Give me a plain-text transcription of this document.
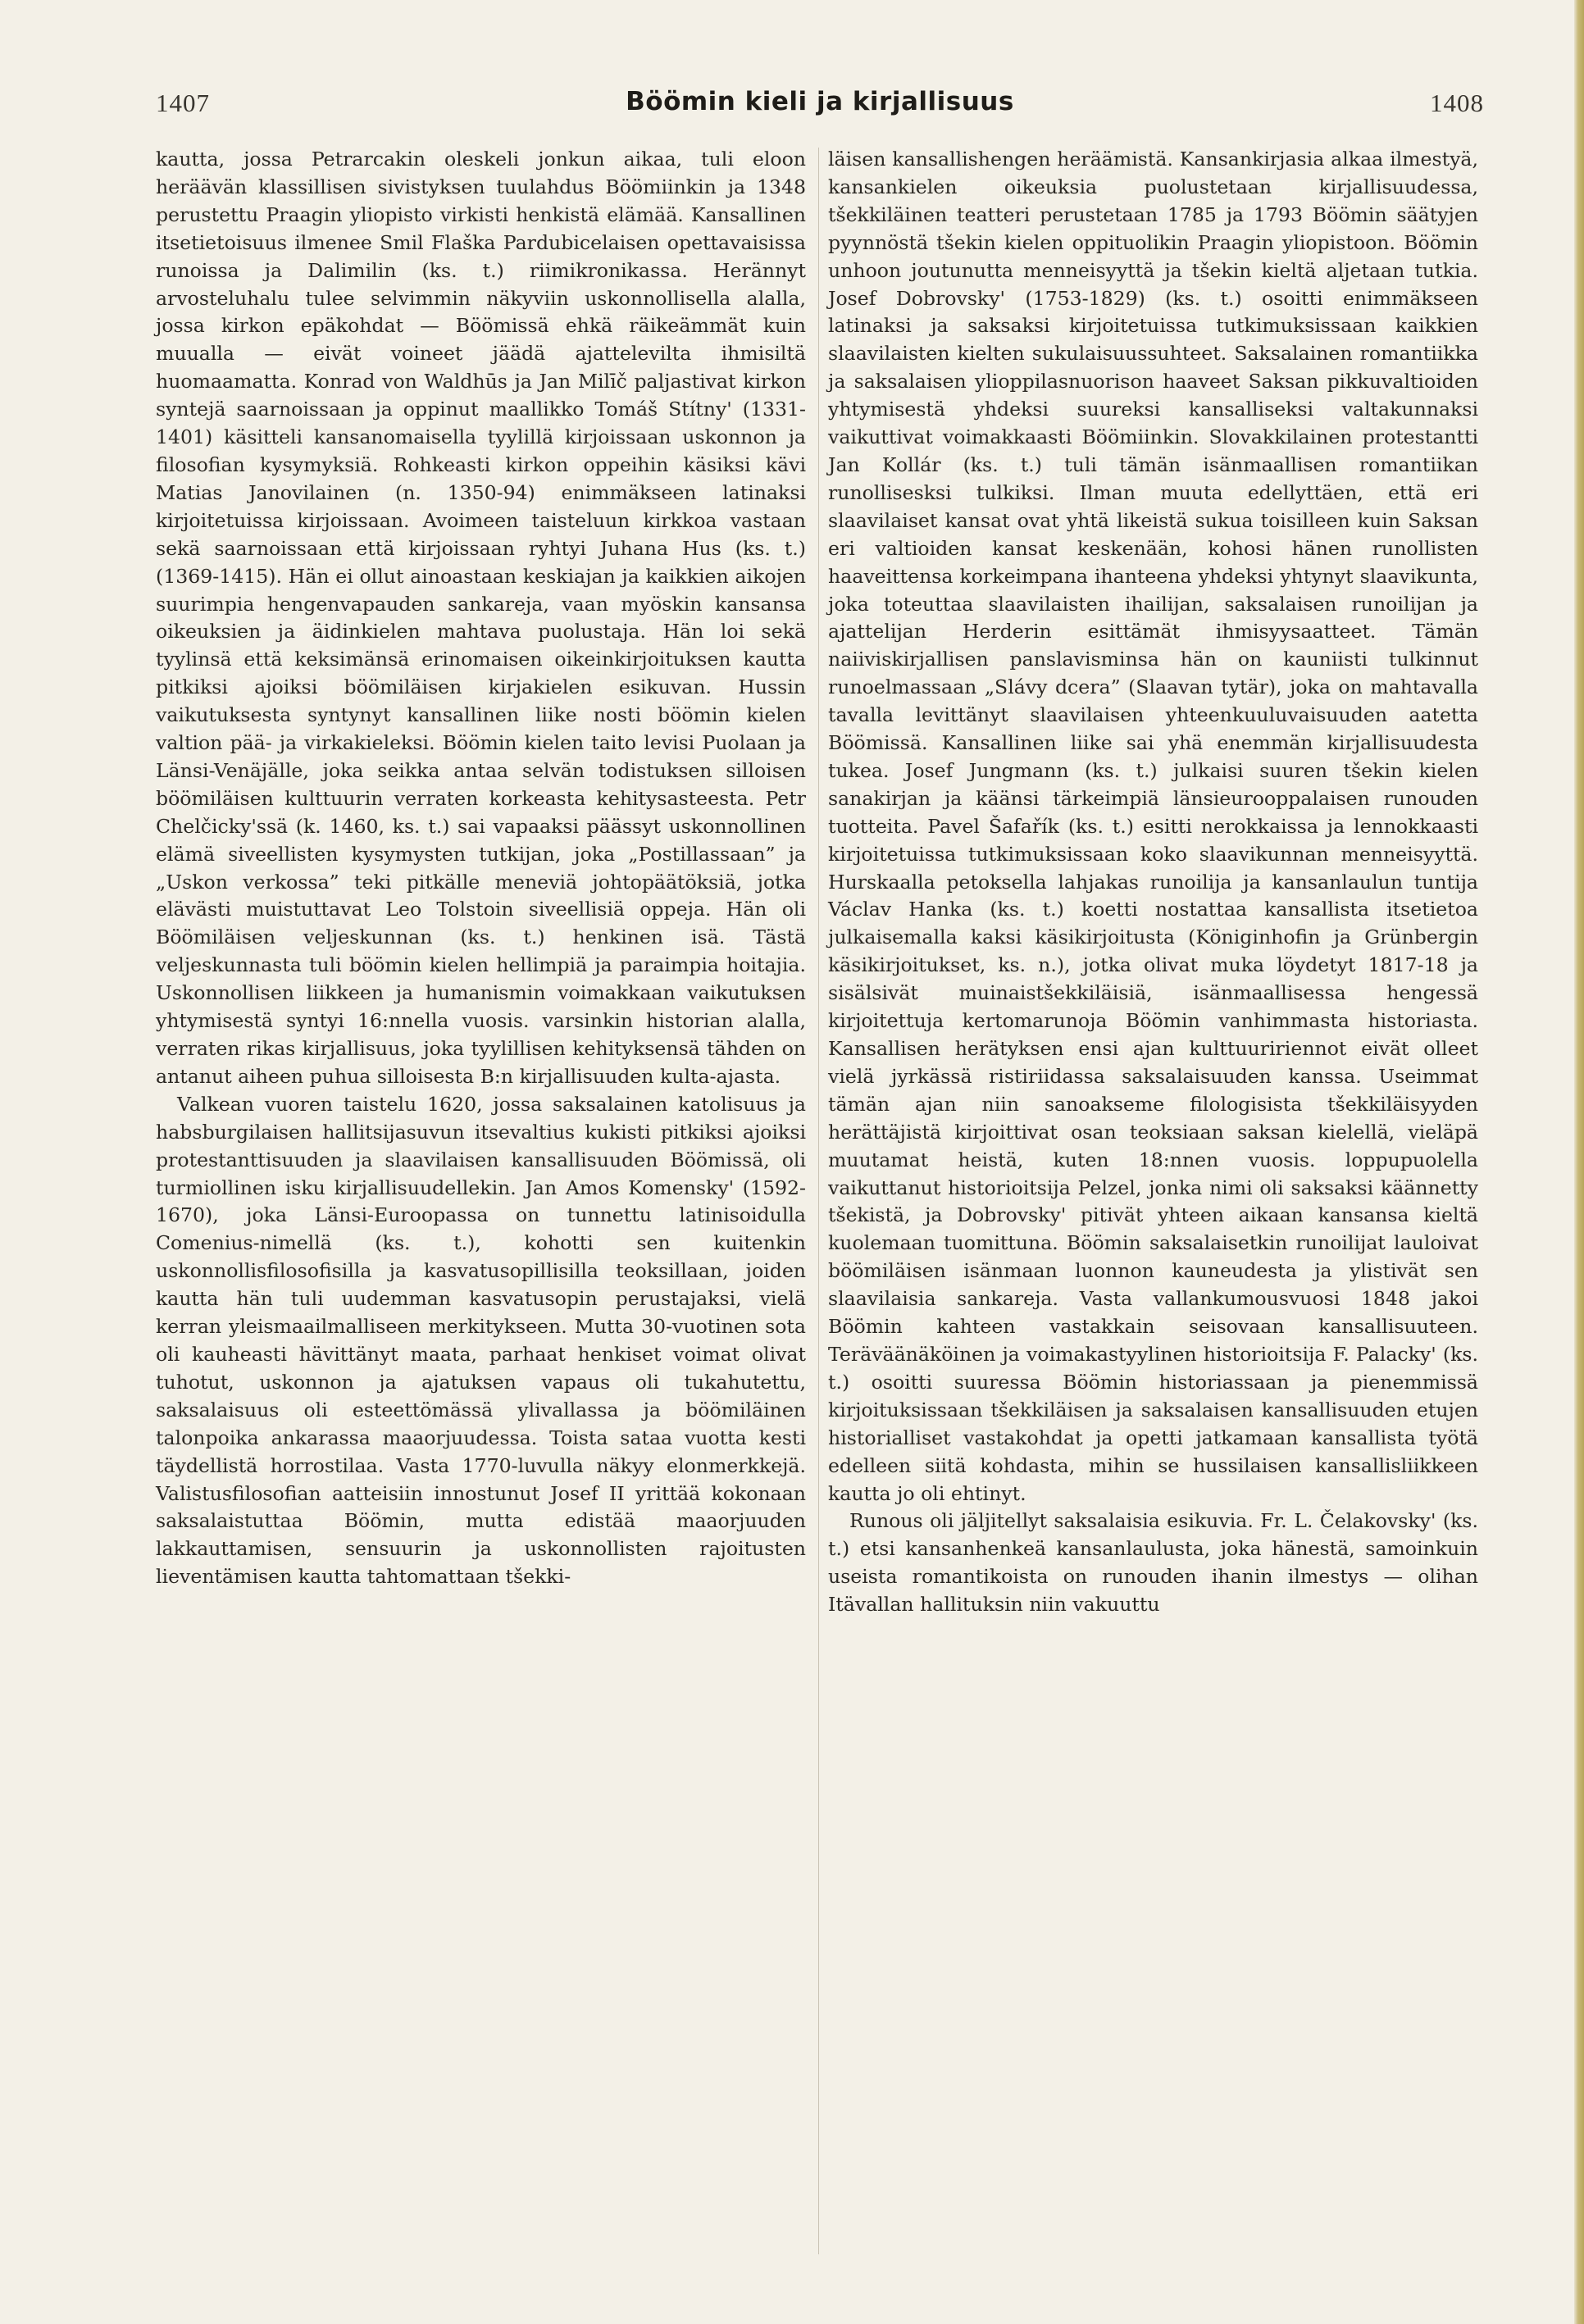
1407	Böömin kieli ja kirjallisuus	1408

kautta, jossa Petrarcakin oleskeli jonkun aikaa, tuli eloon heräävän klassillisen sivistyksen tuulahdus Böömiinkin ja 1348 perustettu Praagin yliopisto virkisti henkistä elämää. Kansallinen itsetietoisuus ilmenee Smil Flaška Pardubicelaisen opettavaisissa runoissa ja Dalimilin (ks. t.) riimikronikassa. Herännyt arvosteluhalu tulee selvimmin näkyviin uskonnollisella alalla, jossa kirkon epäkohdat — Böömissä ehkä räikeämmät kuin muualla — eivät voineet jäädä ajattelevilta ihmisiltä huomaamatta. Konrad von Waldhūs ja Jan Milīč paljastivat kirkon syntejä saarnoissaan ja oppinut maallikko Tomáš Stítny' (1331-1401) käsitteli kansanomaisella tyylillä kirjoissaan uskonnon ja filosofian kysymyksiä. Rohkeasti kirkon oppeihin käsiksi kävi Matias Janovilainen (n. 1350-94) enimmäkseen latinaksi kirjoitetuissa kirjoissaan. Avoimeen taisteluun kirkkoa vastaan sekä saarnoissaan että kirjoissaan ryhtyi Juhana Hus (ks. t.) (1369-1415). Hän ei ollut ainoastaan keskiajan ja kaikkien aikojen suurimpia hengenvapauden sankareja, vaan myöskin kansansa oikeuksien ja äidinkielen mahtava puolustaja. Hän loi sekä tyylinsä että keksimänsä erinomaisen oikeinkirjoituksen kautta pitkiksi ajoiksi böömiläisen kirjakielen esikuvan. Hussin vaikutuksesta syntynyt kansallinen liike nosti böömin kielen valtion pää- ja virkakieleksi. Böömin kielen taito levisi Puolaan ja Länsi-Venäjälle, joka seikka antaa selvän todistuksen silloisen böömiläisen kulttuurin verraten korkeasta kehitysasteesta. Petr Chelčicky'ssä (k. 1460, ks. t.) sai vapaaksi päässyt uskonnollinen elämä siveellisten kysymysten tutkijan, joka „Postillassaan” ja „Uskon verkossa” teki pitkälle meneviä johtopäätöksiä, jotka elävästi muistuttavat Leo Tolstoin siveellisiä oppeja. Hän oli Böömiläisen veljeskunnan (ks. t.) henkinen isä. Tästä veljeskunnasta tuli böömin kielen hellimpiä ja paraimpia hoitajia. Uskonnollisen liikkeen ja humanismin voimakkaan vaikutuksen yhtymisestä syntyi 16:nnella vuosis. varsinkin historian alalla, verraten rikas kirjallisuus, joka tyylillisen kehityksensä tähden on antanut aiheen puhua silloisesta B:n kirjallisuuden kulta-ajasta.

Valkean vuoren taistelu 1620, jossa saksalainen katolisuus ja habsburgilaisen hallitsijasuvun itsevaltius kukisti pitkiksi ajoiksi protestanttisuuden ja slaavilaisen kansallisuuden Böömissä, oli turmiollinen isku kirjallisuudellekin. Jan Amos Komensky' (1592-1670), joka Länsi-Euroopassa on tunnettu latinisoidulla Comenius-nimellä (ks. t.), kohotti sen kuitenkin uskonnollisfilosofisilla ja kasvatusopillisilla teoksillaan, joiden kautta hän tuli uudemman kasvatusopin perustajaksi, vielä kerran yleismaailmalliseen merkitykseen. Mutta 30-vuotinen sota oli kauheasti hävittänyt maata, parhaat henkiset voimat olivat tuhotut, uskonnon ja ajatuksen vapaus oli tukahutettu, saksalaisuus oli esteettömässä ylivallassa ja böömiläinen talonpoika ankarassa maaorjuudessa. Toista sataa vuotta kesti täydellistä horrostilaa. Vasta 1770-luvulla näkyy elonmerkkejä. Valistusfilosofian aatteisiin innostunut Josef II yrittää kokonaan saksalaistuttaa Böömin, mutta edistää maaorjuuden lakkauttamisen, sensuurin ja uskonnollisten rajoitusten lieventämisen kautta tahtomattaan tšekki-

läisen kansallishengen heräämistä. Kansankirjasia alkaa ilmestyä, kansankielen oikeuksia puolustetaan kirjallisuudessa, tšekkiläinen teatteri perustetaan 1785 ja 1793 Böömin säätyjen pyynnöstä tšekin kielen oppituolikin Praagin yliopistoon. Böömin unhoon joutunutta menneisyyttä ja tšekin kieltä aljetaan tutkia. Josef Dobrovsky' (1753-1829) (ks. t.) osoitti enimmäkseen latinaksi ja saksaksi kirjoitetuissa tutkimuksissaan kaikkien slaavilaisten kielten sukulaisuussuhteet. Saksalainen romantiikka ja saksalaisen ylioppilasnuorison haaveet Saksan pikkuvaltioiden yhtymisestä yhdeksi suureksi kansalliseksi valtakunnaksi vaikuttivat voimakkaasti Böömiinkin. Slovakkilainen protestantti Jan Kollár (ks. t.) tuli tämän isänmaallisen romantiikan runollisesksi tulkiksi. Ilman muuta edellyttäen, että eri slaavilaiset kansat ovat yhtä likeistä sukua toisilleen kuin Saksan eri valtioiden kansat keskenään, kohosi hänen runollisten haaveittensa korkeimpana ihanteena yhdeksi yhtynyt slaavikunta, joka toteuttaa slaavilaisten ihailijan, saksalaisen runoilijan ja ajattelijan Herderin esittämät ihmisyysaatteet. Tämän naiiviskirjallisen panslavisminsa hän on kauniisti tulkinnut runoelmassaan „Slávy dcera” (Slaavan tytär), joka on mahtavalla tavalla levittänyt slaavilaisen yhteenkuuluvaisuuden aatetta Böömissä. Kansallinen liike sai yhä enemmän kirjallisuudesta tukea. Josef Jungmann (ks. t.) julkaisi suuren tšekin kielen sanakirjan ja käänsi tärkeimpiä länsieurooppalaisen runouden tuotteita. Pavel Šafařík (ks. t.) esitti nerokkaissa ja lennokkaasti kirjoitetuissa tutkimuksissaan koko slaavikunnan menneisyyttä. Hurskaalla petoksella lahjakas runoilija ja kansanlaulun tuntija Václav Hanka (ks. t.) koetti nostattaa kansallista itsetietoa julkaisemalla kaksi käsikirjoitusta (Königinhofin ja Grünbergin käsikirjoitukset, ks. n.), jotka olivat muka löydetyt 1817-18 ja sisälsivät muinaistšekkiläisiä, isänmaallisessa hengessä kirjoitettuja kertomarunoja Böömin vanhimmasta historiasta. Kansallisen herätyksen ensi ajan kulttuuririennot eivät olleet vielä jyrkässä ristiriidassa saksalaisuuden kanssa. Useimmat tämän ajan niin sanoakseme filologisista tšekkiläisyyden herättäjistä kirjoittivat osan teoksiaan saksan kielellä, vieläpä muutamat heistä, kuten 18:nnen vuosis. loppupuolella vaikuttanut historioitsija Pelzel, jonka nimi oli saksaksi käännetty tšekistä, ja Dobrovsky' pitivät yhteen aikaan kansansa kieltä kuolemaan tuomittuna. Böömin saksalaisetkin runoilijat lauloivat böömiläisen isänmaan luonnon kauneudesta ja ylistivät sen slaavilaisia sankareja. Vasta vallankumousvuosi 1848 jakoi Böömin kahteen vastakkain seisovaan kansallisuuteen. Teräväänäköinen ja voimakastyylinen historioitsija F. Palacky' (ks. t.) osoitti suuressa Böömin historiassaan ja pienemmissä kirjoituksissaan tšekkiläisen ja saksalaisen kansallisuuden etujen historialliset vastakohdat ja opetti jatkamaan kansallista työtä edelleen siitä kohdasta, mihin se hussilaisen kansallisliikkeen kautta jo oli ehtinyt.

Runous oli jäljitellyt saksalaisia esikuvia. Fr. L. Čelakovsky' (ks. t.) etsi kansanhenkeä kansanlaulusta, joka hänestä, samoinkuin useista romantikoista on runouden ihanin ilmestys — olihan Itävallan hallituksin niin vakuuttu
